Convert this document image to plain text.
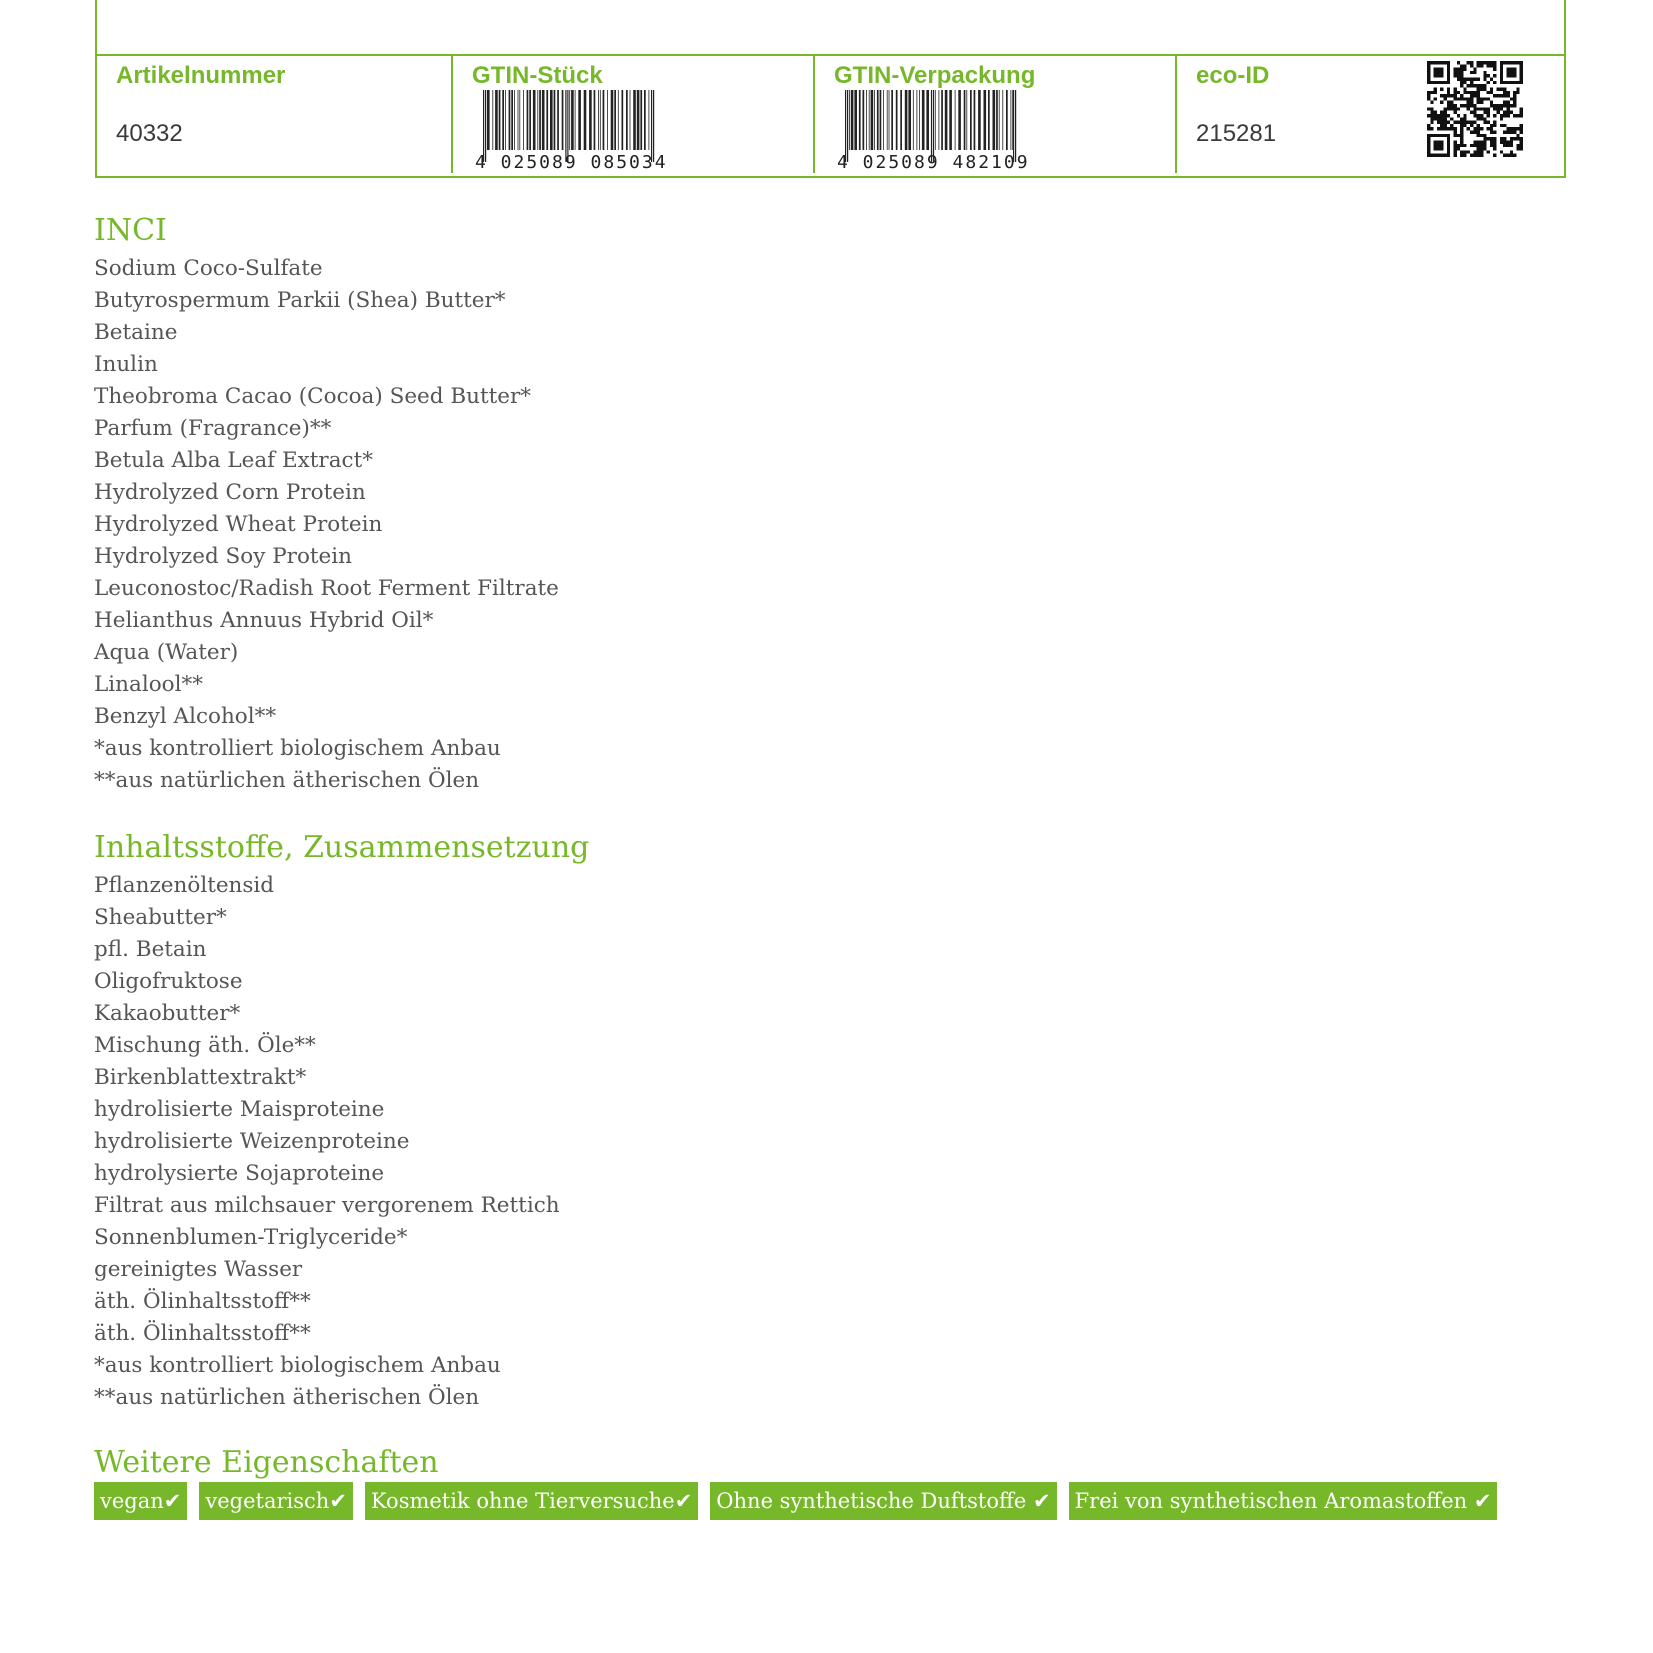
Artikelnummer
40332
GTIN-Stück
4 025089 085034
GTIN-Verpackung
4 025089 482109
eco-ID
215281
INCI
Sodium Coco-Sulfate
Butyrospermum Parkii (Shea) Butter*
Betaine
Inulin
Theobroma Cacao (Cocoa) Seed Butter*
Parfum (Fragrance)**
Betula Alba Leaf Extract*
Hydrolyzed Corn Protein
Hydrolyzed Wheat Protein
Hydrolyzed Soy Protein
Leuconostoc/Radish Root Ferment Filtrate
Helianthus Annuus Hybrid Oil*
Aqua (Water)
Linalool**
Benzyl Alcohol**
*aus kontrolliert biologischem Anbau
**aus natürlichen ätherischen Ölen
Inhaltsstoffe, Zusammensetzung
Pflanzenöltensid
Sheabutter*
pfl. Betain
Oligofruktose
Kakaobutter*
Mischung äth. Öle**
Birkenblattextrakt*
hydrolisierte Maisproteine
hydrolisierte Weizenproteine
hydrolysierte Sojaproteine
Filtrat aus milchsauer vergorenem Rettich
Sonnenblumen-Triglyceride*
gereinigtes Wasser
äth. Ölinhaltsstoff**
äth. Ölinhaltsstoff**
*aus kontrolliert biologischem Anbau
**aus natürlichen ätherischen Ölen
Weitere Eigenschaften
vegan✔ vegetarisch✔ Kosmetik ohne Tierversuche✔ Ohne synthetische Duftstoffe ✔ Frei von synthetischen Aromastoffen ✔
